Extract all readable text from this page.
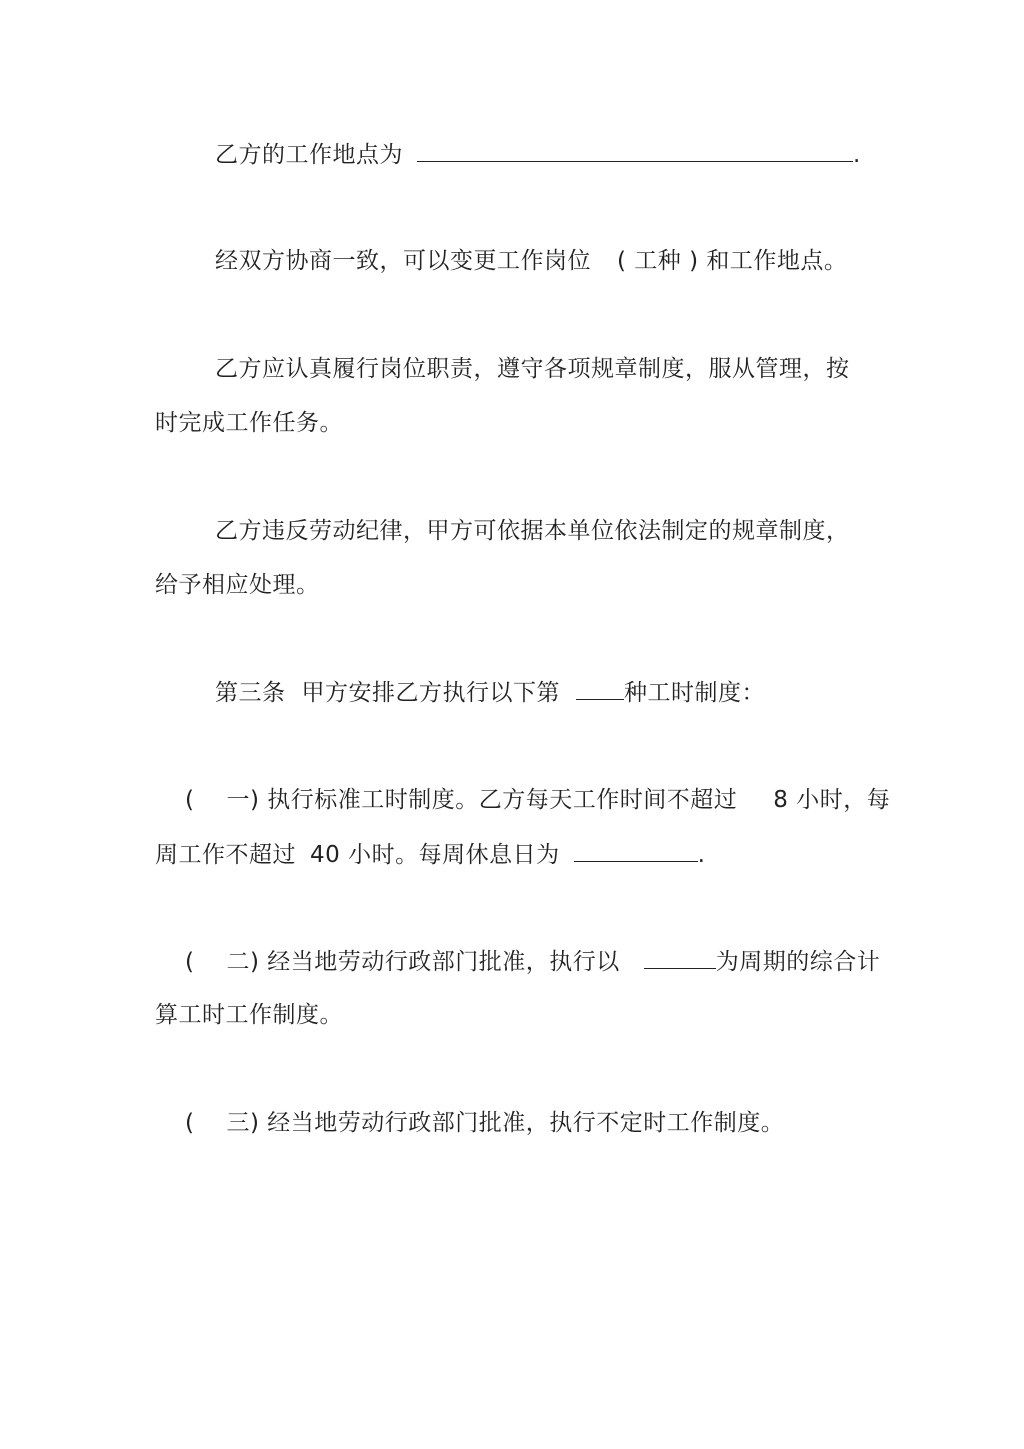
乙方的工作地点为	.
经双方协商一致，可以变更工作岗位 ( 工种 ) 和工作地点。
乙方应认真履行岗位职责，遵守各项规章制度，服从管理，按
时完成工作任务。
乙方违反劳动纪律，甲方可依据本单位依法制定的规章制度，
给予相应处理。
第三条 甲方安排乙方执行以下第	种工时制度：
( 一) 执行标准工时制度。乙方每天工作时间不超过 8 小时，每
周工作不超过 40 小时。每周休息日为	.
( 二) 经当地劳动行政部门批准，执行以	为周期的综合计
算工时工作制度。
( 三) 经当地劳动行政部门批准，执行不定时工作制度。
